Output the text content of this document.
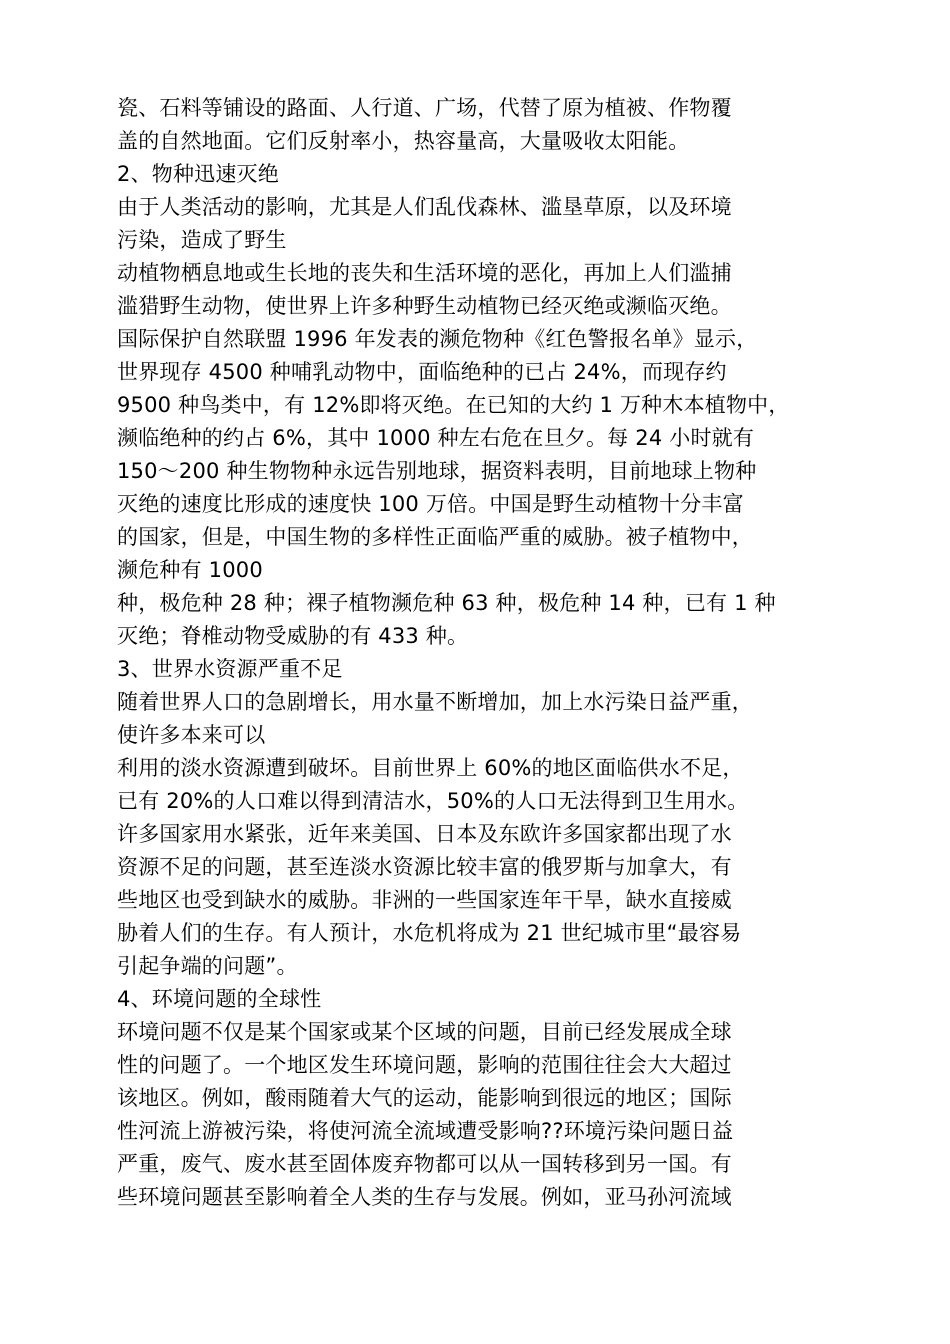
瓷、石料等铺设的路面、人行道、广场，代替了原为植被、作物覆
盖的自然地面。它们反射率小，热容量高，大量吸收太阳能。
2、物种迅速灭绝
由于人类活动的影响，尤其是人们乱伐森林、滥垦草原，以及环境
污染，造成了野生
动植物栖息地或生长地的丧失和生活环境的恶化，再加上人们滥捕
滥猎野生动物，使世界上许多种野生动植物已经灭绝或濒临灭绝。
国际保护自然联盟 1996 年发表的濒危物种《红色警报名单》显示，
世界现存 4500 种哺乳动物中，面临绝种的已占 24%，而现存约
9500 种鸟类中，有 12%即将灭绝。在已知的大约 1 万种木本植物中，
濒临绝种的约占 6%，其中 1000 种左右危在旦夕。每 24 小时就有
150～200 种生物物种永远告别地球，据资料表明，目前地球上物种
灭绝的速度比形成的速度快 100 万倍。中国是野生动植物十分丰富
的国家，但是，中国生物的多样性正面临严重的威胁。被子植物中，
濒危种有 1000
种，极危种 28 种；裸子植物濒危种 63 种，极危种 14 种，已有 1 种
灭绝；脊椎动物受威胁的有 433 种。
3、世界水资源严重不足
随着世界人口的急剧增长，用水量不断增加，加上水污染日益严重，
使许多本来可以
利用的淡水资源遭到破坏。目前世界上 60%的地区面临供水不足，
已有 20%的人口难以得到清洁水，50%的人口无法得到卫生用水。
许多国家用水紧张，近年来美国、日本及东欧许多国家都出现了水
资源不足的问题，甚至连淡水资源比较丰富的俄罗斯与加拿大，有
些地区也受到缺水的威胁。非洲的一些国家连年干旱，缺水直接威
胁着人们的生存。有人预计，水危机将成为 21 世纪城市里“最容易
引起争端的问题”。
4、环境问题的全球性
环境问题不仅是某个国家或某个区域的问题，目前已经发展成全球
性的问题了。一个地区发生环境问题，影响的范围往往会大大超过
该地区。例如，酸雨随着大气的运动，能影响到很远的地区；国际
性河流上游被污染，将使河流全流域遭受影响??环境污染问题日益
严重，废气、废水甚至固体废弃物都可以从一国转移到另一国。有
些环境问题甚至影响着全人类的生存与发展。例如，亚马孙河流域
